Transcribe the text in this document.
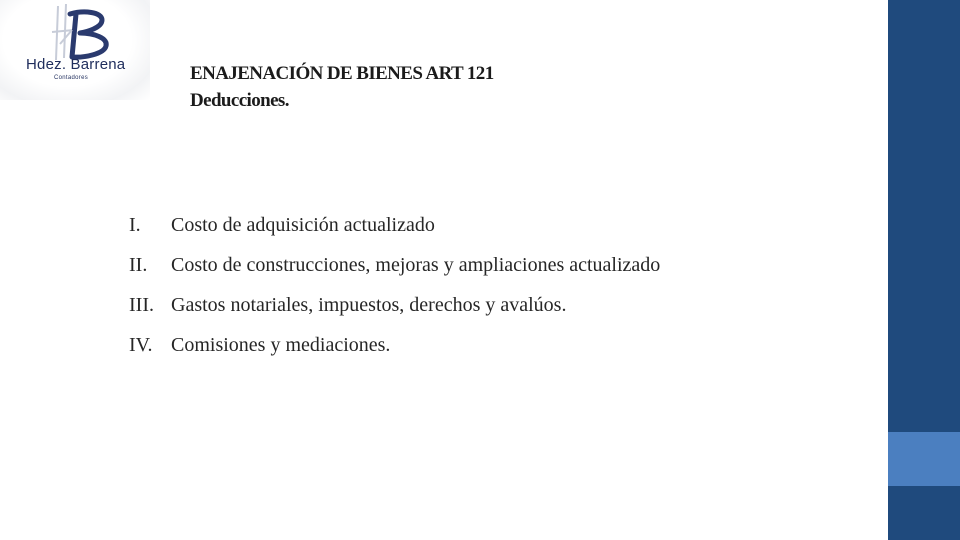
Hdez. Barrena
Contadores	ENAJENACIÓN DE BIENES ART 121
Deducciones.
I.	Costo de adquisición actualizado
II.	Costo de construcciones, mejoras y ampliaciones actualizado
III. Gastos notariales, impuestos, derechos y avalúos.
IV. Comisiones y mediaciones.
